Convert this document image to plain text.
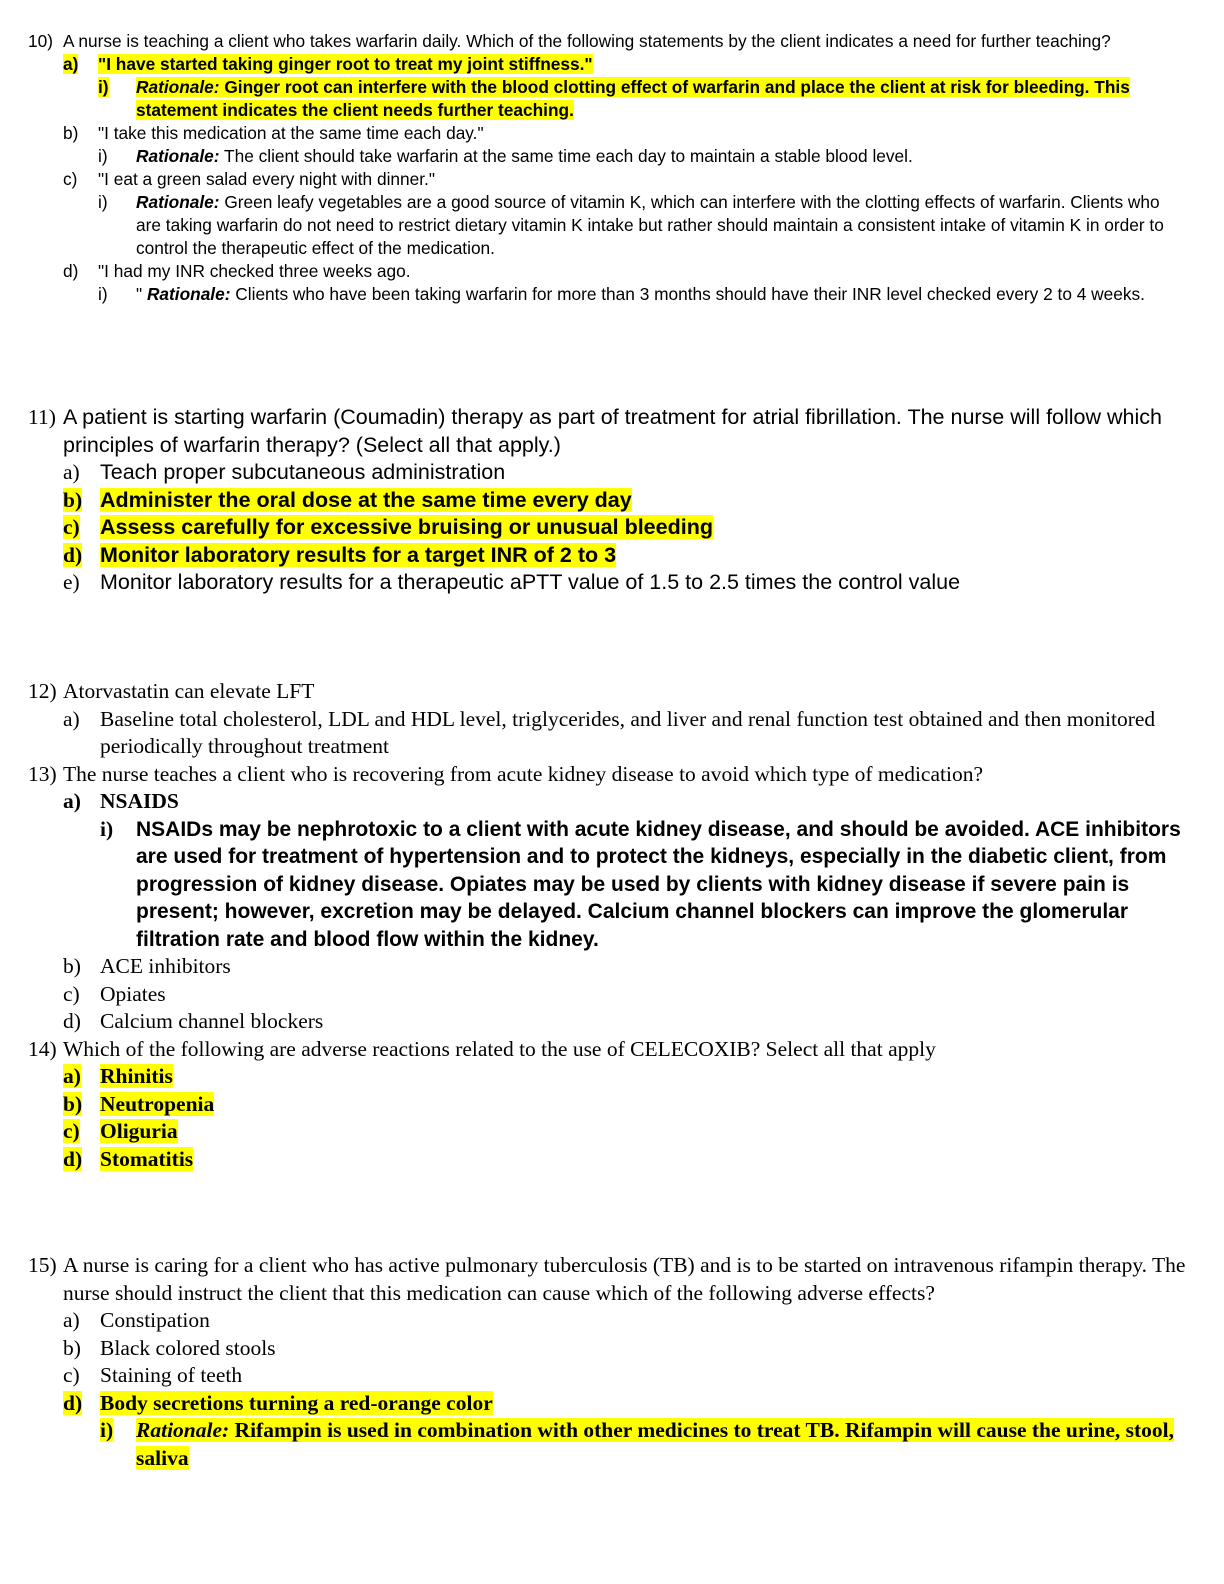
10) A nurse is teaching a client who takes warfarin daily. Which of the following statements by the client indicates a need for further teaching?
a)	"I have started taking ginger root to treat my joint stiffness."
i)	Rationale: Ginger root can interfere with the blood clotting effect of warfarin and place the client at risk for bleeding. This statement indicates the client needs further teaching.
b)	"I take this medication at the same time each day."
i)	Rationale: The client should take warfarin at the same time each day to maintain a stable blood level.
c)	"I eat a green salad every night with dinner."
i)	Rationale: Green leafy vegetables are a good source of vitamin K, which can interfere with the clotting effects of warfarin. Clients who are taking warfarin do not need to restrict dietary vitamin K intake but rather should maintain a consistent intake of vitamin K in order to control the therapeutic effect of the medication.
d)	"I had my INR checked three weeks ago.
i)	" Rationale: Clients who have been taking warfarin for more than 3 months should have their INR level checked every 2 to 4 weeks.
11) A patient is starting warfarin (Coumadin) therapy as part of treatment for atrial fibrillation. The nurse will follow which principles of warfarin therapy? (Select all that apply.)
a) Teach proper subcutaneous administration
b) Administer the oral dose at the same time every day
c) Assess carefully for excessive bruising or unusual bleeding
d) Monitor laboratory results for a target INR of 2 to 3
e) Monitor laboratory results for a therapeutic aPTT value of 1.5 to 2.5 times the control value
12) Atorvastatin can elevate LFT
a) Baseline total cholesterol, LDL and HDL level, triglycerides, and liver and renal function test obtained and then monitored periodically throughout treatment
13) The nurse teaches a client who is recovering from acute kidney disease to avoid which type of medication?
a) NSAIDS
i)	NSAIDs may be nephrotoxic to a client with acute kidney disease, and should be avoided. ACE inhibitors are used for treatment of hypertension and to protect the kidneys, especially in the diabetic client, from progression of kidney disease. Opiates may be used by clients with kidney disease if severe pain is present; however, excretion may be delayed. Calcium channel blockers can improve the glomerular filtration rate and blood flow within the kidney.
b) ACE inhibitors
c) Opiates
d) Calcium channel blockers
14) Which of the following are adverse reactions related to the use of CELECOXIB? Select all that apply
a) Rhinitis
b) Neutropenia
c) Oliguria
d) Stomatitis
15) A nurse is caring for a client who has active pulmonary tuberculosis (TB) and is to be started on intravenous rifampin therapy. The nurse should instruct the client that this medication can cause which of the following adverse effects?
a) Constipation
b) Black colored stools
c) Staining of teeth
d) Body secretions turning a red-orange color
i)	Rationale: Rifampin is used in combination with other medicines to treat TB. Rifampin will cause the urine, stool, saliva
